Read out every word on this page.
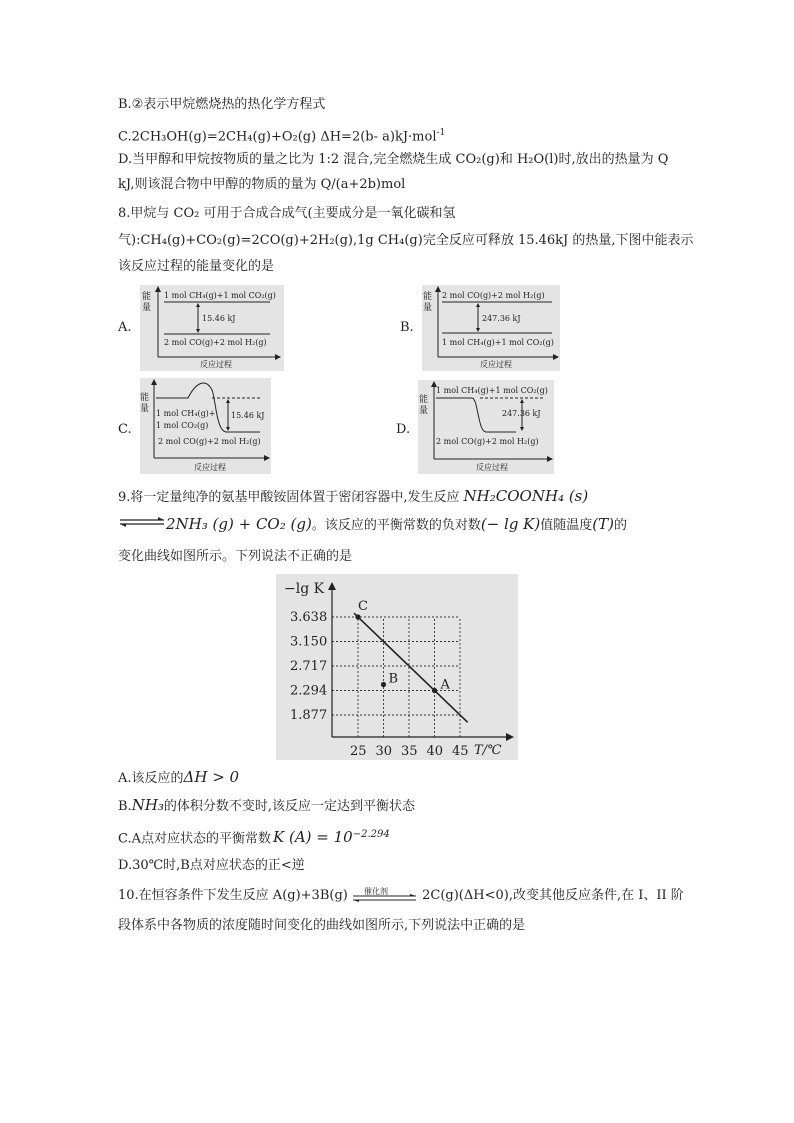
B.②表示甲烷燃烧热的热化学方程式
C.2CH₃OH(g)=2CH₄(g)+O₂(g) ΔH=2(b- a)kJ·mol$^{-1}$
D.当甲醇和甲烷按物质的量之比为 1:2 混合,完全燃烧生成 CO₂(g)和 H₂O(l)时,放出的热量为 Q
kJ,则该混合物中甲醇的物质的量为 Q/(a+2b)mol
8.甲烷与 CO₂ 可用于合成合成气(主要成分是一氧化碳和氢
气):CH₄(g)+CO₂(g)=2CO(g)+2H₂(g),1g CH₄(g)完全反应可释放 15.46kJ 的热量,下图中能表示
该反应过程的能量变化的是
A.
能
量
1 mol CH₄(g)+1 mol CO₂(g)
2 mol CO(g)+2 mol H₂(g)
15.46 kJ
反应过程
B.
能
量
2 mol CO(g)+2 mol H₂(g)
1 mol CH₄(g)+1 mol CO₂(g)
247.36 kJ
反应过程
C.
能
量 1 mol CH₄(g)+
1 mol CO₂(g)
2 mol CO(g)+2 mol H₂(g)
15.46 kJ
反应过程
D.
能
量
1 mol CH₄(g)+1 mol CO₂(g)
2 mol CO(g)+2 mol H₂(g)
247.36 kJ
反应过程
9.将一定量纯净的氨基甲酸铵固体置于密闭容器中,发生反应 NH₂COONH₄ (s)
⇌2NH₃ (g) + CO₂ (g)。该反应的平衡常数的负对数(− lg K)值随温度(T)的
变化曲线如图所示。下列说法不正确的是
−lg K
T/℃
1.877
2.294
2.717
3.150
3.638
25 30 35 40 45
C
A
B
A.该反应的ΔH > 0
B.NH₃的体积分数不变时,该反应一定达到平衡状态
C.A点对应状态的平衡常数 K $(A) = 10^{-2.294}$
D.30℃时,B点对应状态的正<逆
10.在恒容条件下发生反应 A(g)+3B(g) 催化剂	2C(g)(ΔH<0),改变其他反应条件,在 I、II 阶
段体系中各物质的浓度随时间变化的曲线如图所示,下列说法中正确的是
